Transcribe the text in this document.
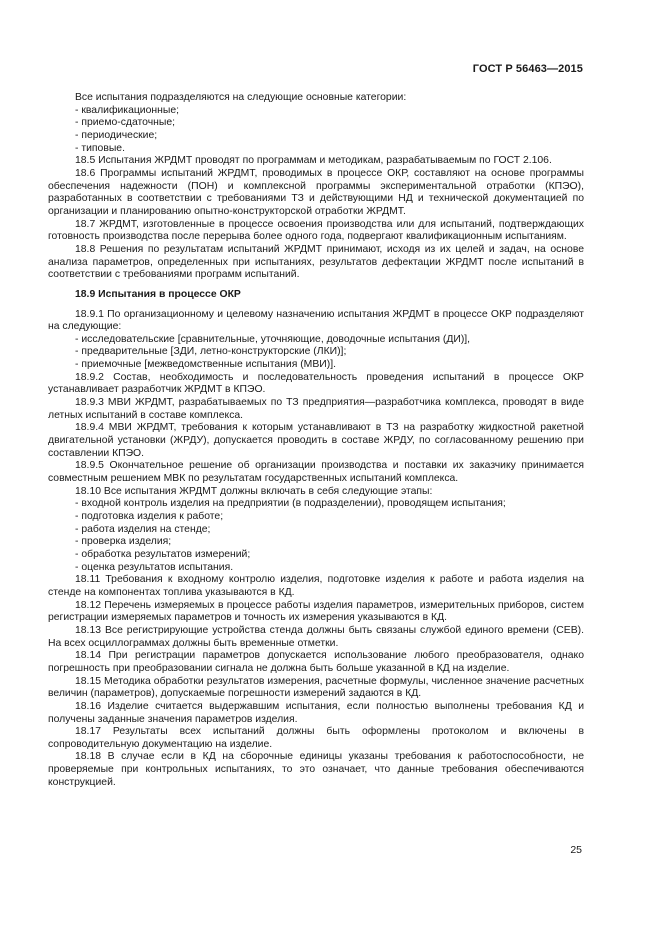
ГОСТ Р 56463—2015

Все испытания подразделяются на следующие основные категории:

- квалификационные;

- приемо-сдаточные;

- периодические;

- типовые.

18.5 Испытания ЖРДМТ проводят по программам и методикам, разрабатываемым по ГОСТ 2.106.

18.6 Программы испытаний ЖРДМТ, проводимых в процессе ОКР, составляют на основе программы обеспечения надежности (ПОН) и комплексной программы экспериментальной отработки (КПЭО), разработанных в соответствии с требованиями ТЗ и действующими НД и технической документацией по организации и планированию опытно-конструкторской отработки ЖРДМТ.

18.7 ЖРДМТ, изготовленные в процессе освоения производства или для испытаний, подтверждающих готовность производства после перерыва более одного года, подвергают квалификационным испытаниям.

18.8 Решения по результатам испытаний ЖРДМТ принимают, исходя из их целей и задач, на основе анализа параметров, определенных при испытаниях, результатов дефектации ЖРДМТ после испытаний в соответствии с требованиями программ испытаний.

18.9 Испытания в процессе ОКР

18.9.1 По организационному и целевому назначению испытания ЖРДМТ в процессе ОКР подразделяют на следующие:

- исследовательские [сравнительные, уточняющие, доводочные испытания (ДИ)],

- предварительные [ЗДИ, летно-конструкторские (ЛКИ)];

- приемочные [межведомственные испытания (МВИ)].

18.9.2 Состав, необходимость и последовательность проведения испытаний в процессе ОКР устанавливает разработчик ЖРДМТ в КПЭО.

18.9.3 МВИ ЖРДМТ, разрабатываемых по ТЗ предприятия—разработчика комплекса, проводят в виде летных испытаний в составе комплекса.

18.9.4 МВИ ЖРДМТ, требования к которым устанавливают в ТЗ на разработку жидкостной ракетной двигательной установки (ЖРДУ), допускается проводить в составе ЖРДУ, по согласованному решению при составлении КПЭО.

18.9.5 Окончательное решение об организации производства и поставки их заказчику принимается совместным решением МВК по результатам государственных испытаний комплекса.

18.10 Все испытания ЖРДМТ должны включать в себя следующие этапы:

- входной контроль изделия на предприятии (в подразделении), проводящем испытания;

- подготовка изделия к работе;

- работа изделия на стенде;

- проверка изделия;

- обработка результатов измерений;

- оценка результатов испытания.

18.11 Требования к входному контролю изделия, подготовке изделия к работе и работа изделия на стенде на компонентах топлива указываются в КД.

18.12 Перечень измеряемых в процессе работы изделия параметров, измерительных приборов, систем регистрации измеряемых параметров и точность их измерения указываются в КД.

18.13 Все регистрирующие устройства стенда должны быть связаны службой единого времени (СЕВ). На всех осциллограммах должны быть временные отметки.

18.14 При регистрации параметров допускается использование любого преобразователя, однако погрешность при преобразовании сигнала не должна быть больше указанной в КД на изделие.

18.15 Методика обработки результатов измерения, расчетные формулы, численное значение расчетных величин (параметров), допускаемые погрешности измерений задаются в КД.

18.16 Изделие считается выдержавшим испытания, если полностью выполнены требования КД и получены заданные значения параметров изделия.

18.17 Результаты всех испытаний должны быть оформлены протоколом и включены в сопроводительную документацию на изделие.

18.18 В случае если в КД на сборочные единицы указаны требования к работоспособности, не проверяемые при контрольных испытаниях, то это означает, что данные требования обеспечиваются конструкцией.

25
